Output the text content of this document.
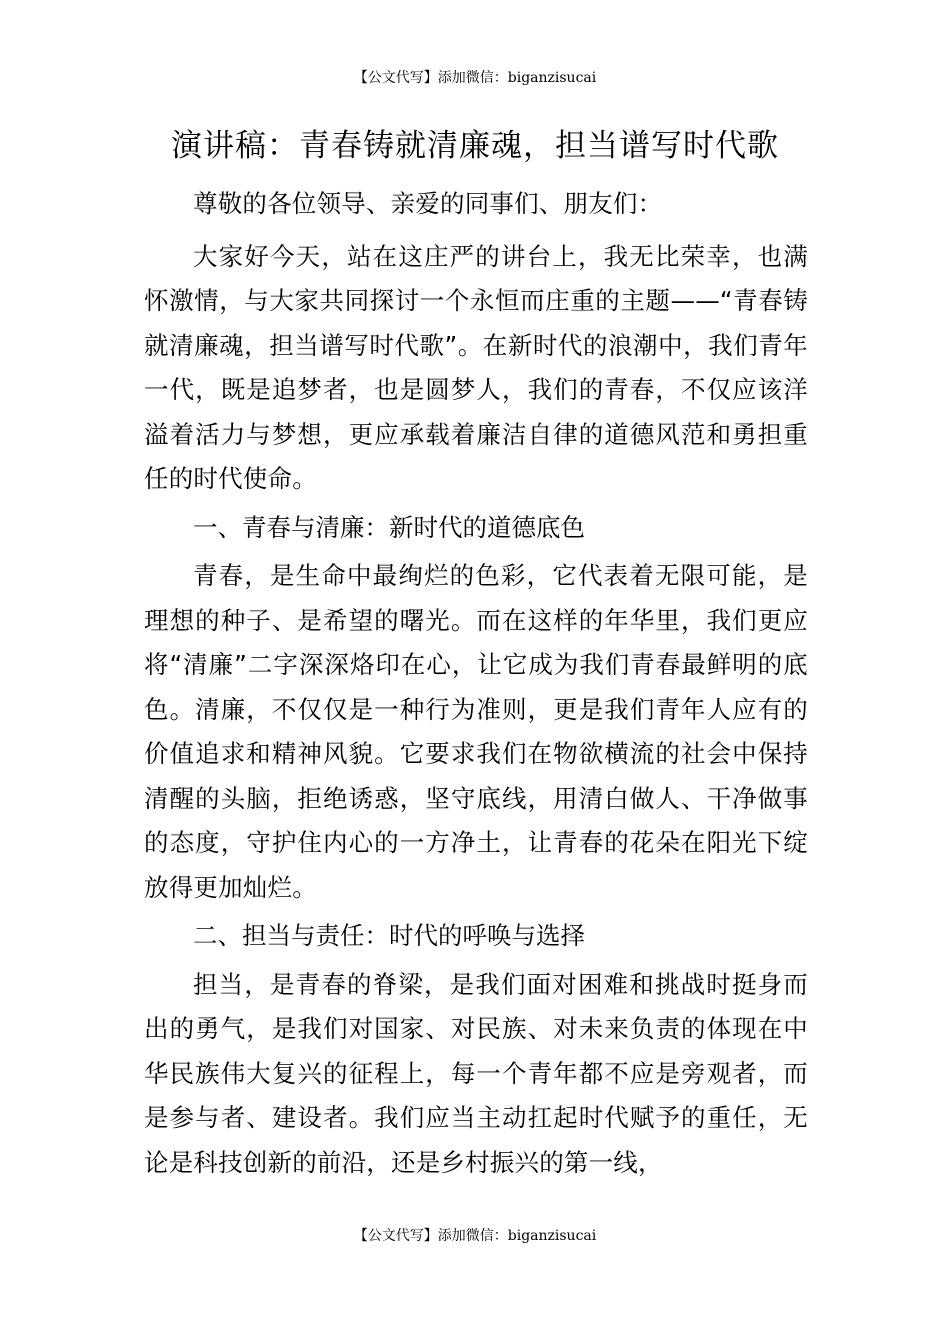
【公文代写】添加微信：biganzisucai
演讲稿：青春铸就清廉魂，担当谱写时代歌

尊敬的各位领导、亲爱的同事们、朋友们：

大家好今天，站在这庄严的讲台上，我无比荣幸，也满怀激情，与大家共同探讨一个永恒而庄重的主题——“青春铸就清廉魂，担当谱写时代歌”。在新时代的浪潮中，我们青年一代，既是追梦者，也是圆梦人，我们的青春，不仅应该洋溢着活力与梦想，更应承载着廉洁自律的道德风范和勇担重任的时代使命。

一、青春与清廉：新时代的道德底色

青春，是生命中最绚烂的色彩，它代表着无限可能，是理想的种子、是希望的曙光。而在这样的年华里，我们更应将“清廉”二字深深烙印在心，让它成为我们青春最鲜明的底色。清廉，不仅仅是一种行为准则，更是我们青年人应有的价值追求和精神风貌。它要求我们在物欲横流的社会中保持清醒的头脑，拒绝诱惑，坚守底线，用清白做人、干净做事的态度，守护住内心的一方净土，让青春的花朵在阳光下绽放得更加灿烂。

二、担当与责任：时代的呼唤与选择

担当，是青春的脊梁，是我们面对困难和挑战时挺身而出的勇气，是我们对国家、对民族、对未来负责的体现在中华民族伟大复兴的征程上，每一个青年都不应是旁观者，而是参与者、建设者。我们应当主动扛起时代赋予的重任，无论是科技创新的前沿，还是乡村振兴的第一线，

【公文代写】添加微信：biganzisucai
